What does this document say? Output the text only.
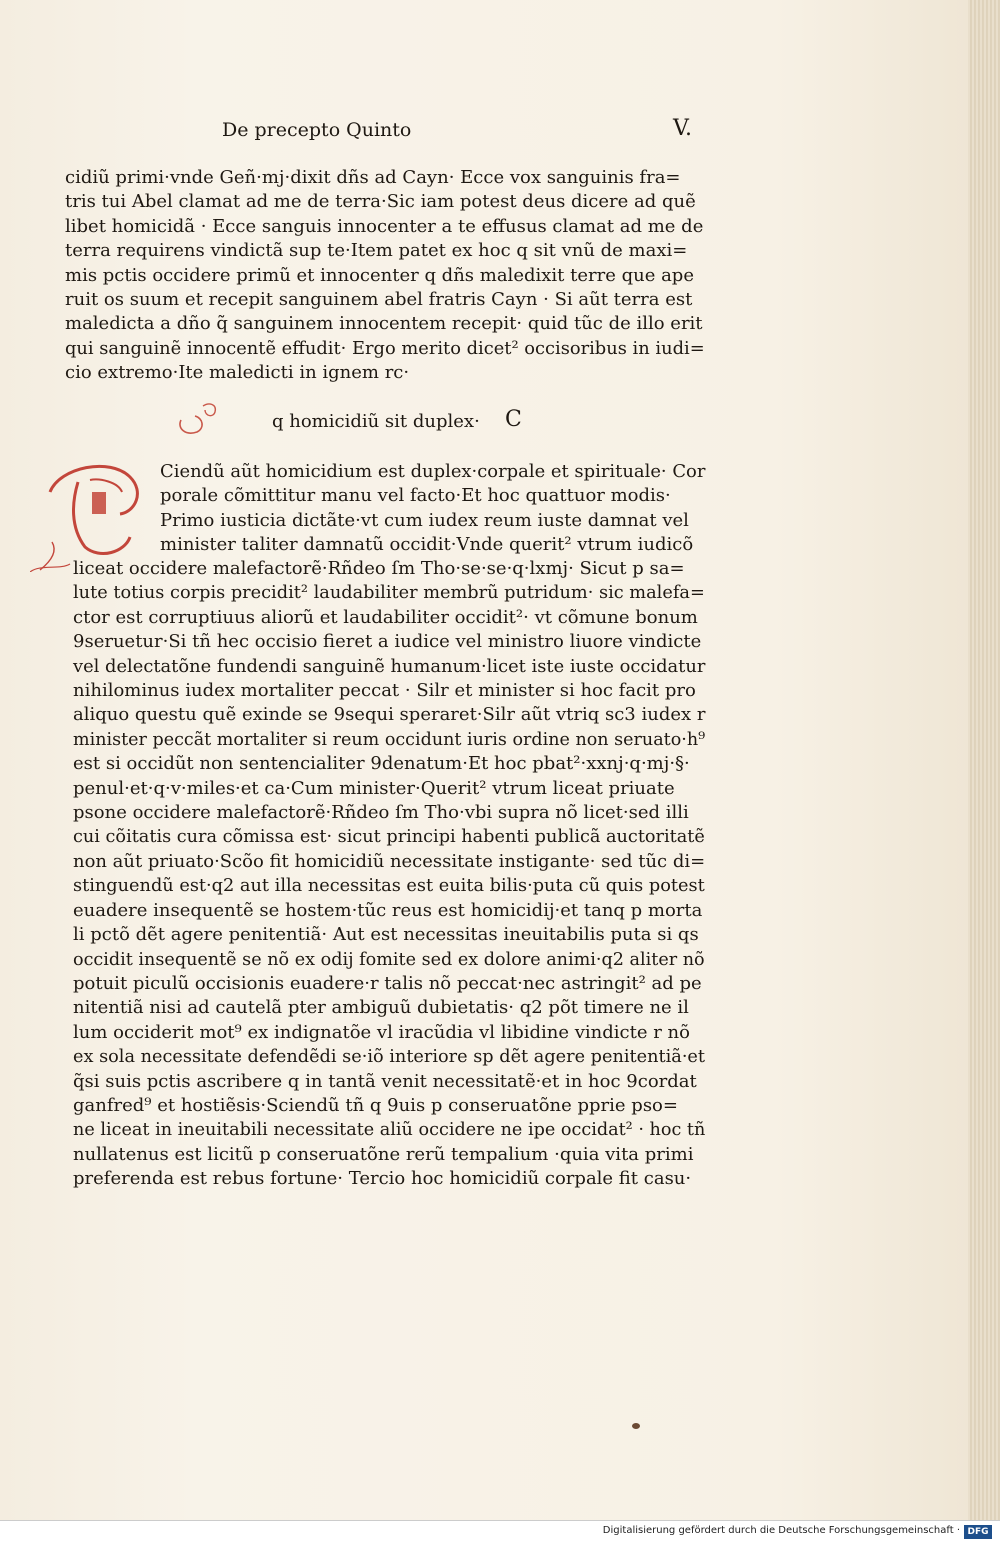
De precepto Quinto	V.
cidiũ primi·vnde Geñ·mj·dixit dñs ad Cayn· Ecce vox sanguinis fra=
tris tui Abel clamat ad me de terra·Sic iam potest deus dicere ad quẽ
libet homicidã · Ecce sanguis innocenter a te effusus clamat ad me de
terra requirens vindictã sup te·Item patet ex hoc q sit vnũ de maxi=
mis pctis occidere primũ et innocenter q dñs maledixit terre que ape
ruit os suum et recepit sanguinem abel fratris Cayn · Si aũt terra est
maledicta a dño q̃ sanguinem innocentem recepit· quid tũc de illo erit
qui sanguinẽ innocentẽ effudit· Ergo merito dicet² occisoribus in iudi=
cio extremo·Ite maledicti in ignem rc·
q homicidiũ sit duplex· C
Ciendũ aũt homicidium est duplex·corpale et spirituale· Cor
porale cõmittitur manu vel facto·Et hoc quattuor modis·
Primo iusticia dictãte·vt cum iudex reum iuste damnat vel
minister taliter damnatũ occidit·Vnde querit² vtrum iudicõ
liceat occidere malefactorẽ·Rñdeo ſm Tho·se·se·q·lxmj· Sicut p sa=
lute totius corpis precidit² laudabiliter membrũ putridum· sic malefa=
ctor est corruptiuus aliorũ et laudabiliter occidit²· vt cõmune bonum
9seruetur·Si tñ hec occisio fieret a iudice vel ministro liuore vindicte
vel delectatõne fundendi sanguinẽ humanum·licet iste iuste occidatur
nihilominus iudex mortaliter peccat · Silr et minister si hoc facit pro
aliquo questu quẽ exinde se 9sequi speraret·Silr aũt vtriq sc3 iudex r
minister peccãt mortaliter si reum occidunt iuris ordine non seruato·h⁹
est si occidũt non sentencialiter 9denatum·Et hoc pbat²·xxnj·q·mj·§·
penul·et·q·v·miles·et ca·Cum minister·Querit² vtrum liceat priuate
psone occidere malefactorẽ·Rñdeo ſm Tho·vbi supra nõ licet·sed illi
cui cõitatis cura cõmissa est· sicut principi habenti publicã auctoritatẽ
non aũt priuato·Scõo fit homicidiũ necessitate instigante· sed tũc di=
stinguendũ est·q2 aut illa necessitas est euita bilis·puta cũ quis potest
euadere insequentẽ se hostem·tũc reus est homicidij·et tanq p morta
li pctõ dẽt agere penitentiã· Aut est necessitas ineuitabilis puta si qs
occidit insequentẽ se nõ ex odij fomite sed ex dolore animi·q2 aliter nõ
potuit piculũ occisionis euadere·r talis nõ peccat·nec astringit² ad pe
nitentiã nisi ad cautelã pter ambiguũ dubietatis· q2 põt timere ne il
lum occiderit mot⁹ ex indignatõe vl iracũdia vl libidine vindicte r nõ
ex sola necessitate defendẽdi se·iõ interiore sp dẽt agere penitentiã·et
q̃si suis pctis ascribere q in tantã venit necessitatẽ·et in hoc 9cordat
ganfred⁹ et hostiẽsis·Sciendũ tñ q 9uis p conseruatõne pprie pso=
ne liceat in ineuitabili necessitate aliũ occidere ne ipe occidat² · hoc tñ
nullatenus est licitũ p conseruatõne rerũ tempalium ·quia vita primi
preferenda est rebus fortune· Tercio hoc homicidiũ corpale fit casu·
Digitalisierung gefördert durch die Deutsche Forschungsgemeinschaft · DFG
